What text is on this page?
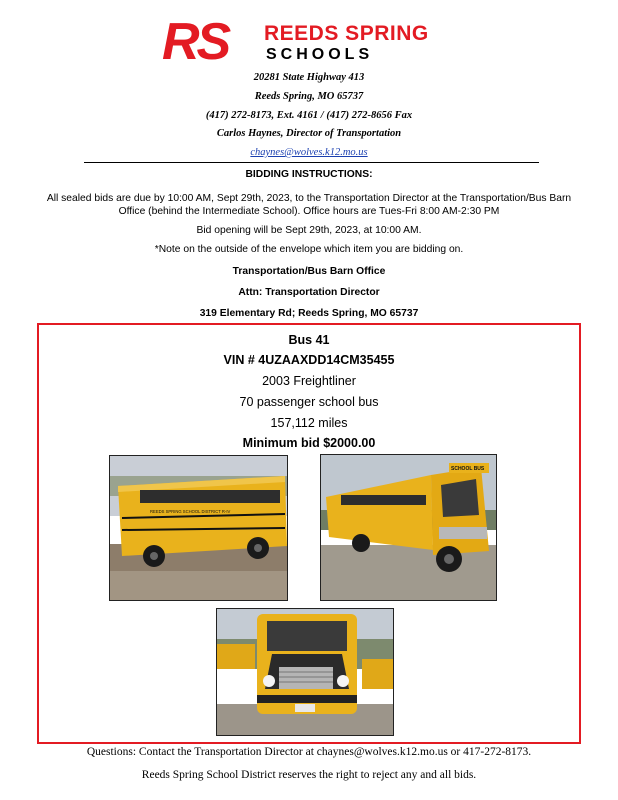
RS REEDS SPRING
SCHOOLS
20281 State Highway 413
Reeds Spring, MO 65737
(417) 272-8173, Ext. 4161 / (417) 272-8656 Fax
Carlos Haynes, Director of Transportation
chaynes@wolves.k12.mo.us
BIDDING INSTRUCTIONS:
All sealed bids are due by 10:00 AM, Sept 29th, 2023, to the Transportation Director at the Transportation/Bus Barn
Office (behind the Intermediate School). Office hours are Tues-Fri 8:00 AM-2:30 PM
Bid opening will be Sept 29th, 2023, at 10:00 AM.
*Note on the outside of the envelope which item you are bidding on.
Transportation/Bus Barn Office
Attn: Transportation Director
319 Elementary Rd; Reeds Spring, MO 65737
Bus 41
VIN # 4UZAAXDD14CM35455
2003 Freightliner
70 passenger school bus
157,112 miles
Minimum bid $2000.00
REEDS SPRING SCHOOL DISTRICT R-IV
SCHOOL BUS
Questions: Contact the Transportation Director at chaynes@wolves.k12.mo.us or 417-272-8173.
Reeds Spring School District reserves the right to reject any and all bids.
